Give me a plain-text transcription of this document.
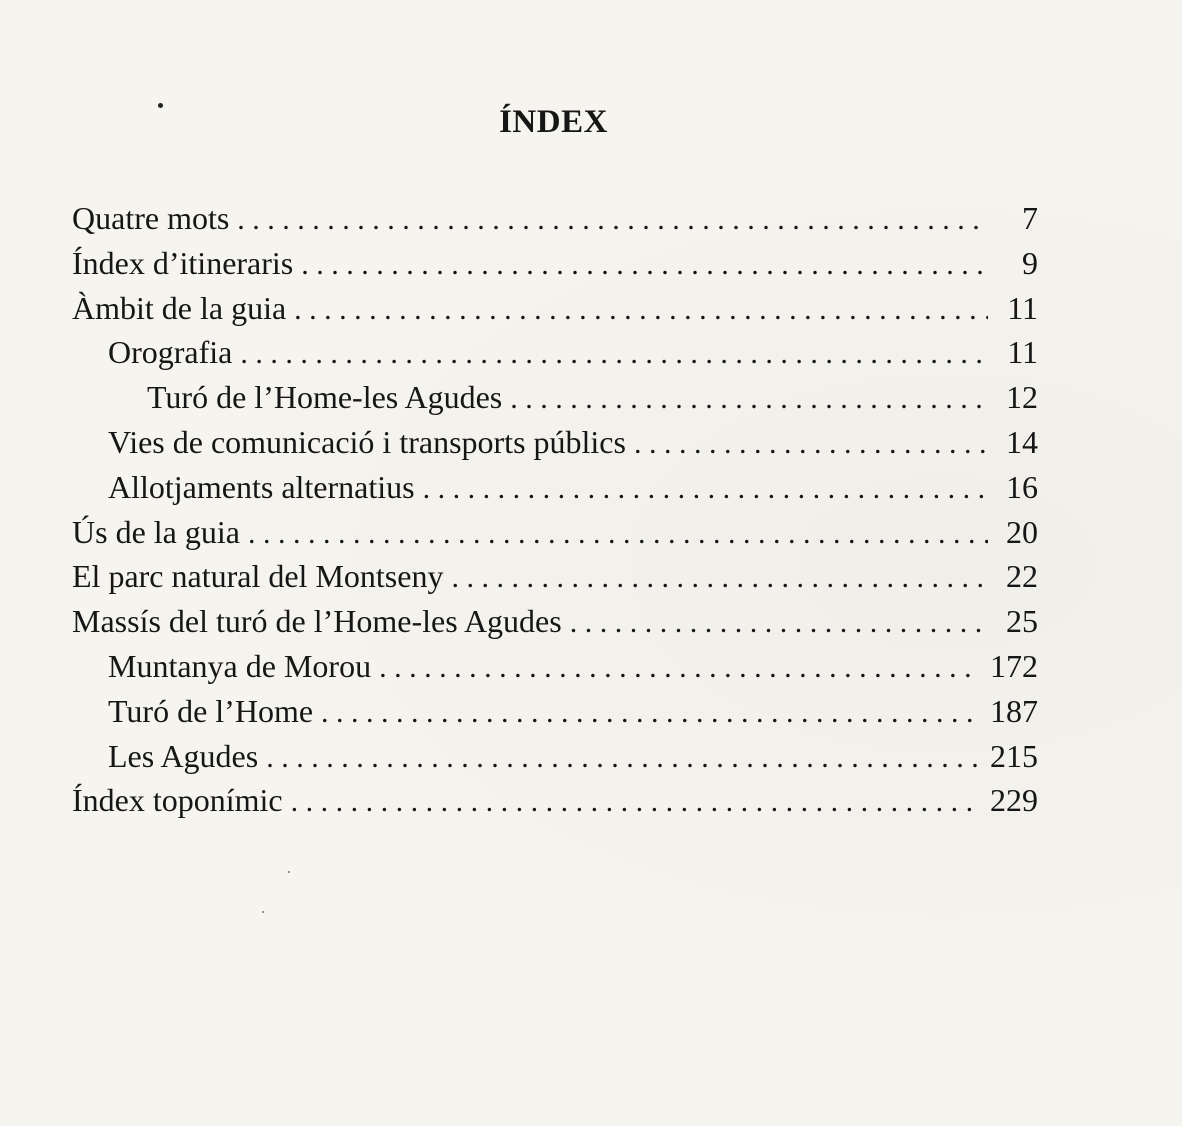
ÍNDEX
Quatre mots . . .	7
Índex d’itineraris . . .	9
Àmbit de la guia . . .	11
Orografia . . .	11
Turó de l’Home-les Agudes . . .	12
Vies de comunicació i transports públics . . .	14
Allotjaments alternatius . . .	16
Ús de la guia . . .	20
El parc natural del Montseny . . .	22
Massís del turó de l’Home-les Agudes . . .	25
Muntanya de Morou . . .	172
Turó de l’Home . . .	187
Les Agudes . . .	215
Índex toponímic . . .	229
